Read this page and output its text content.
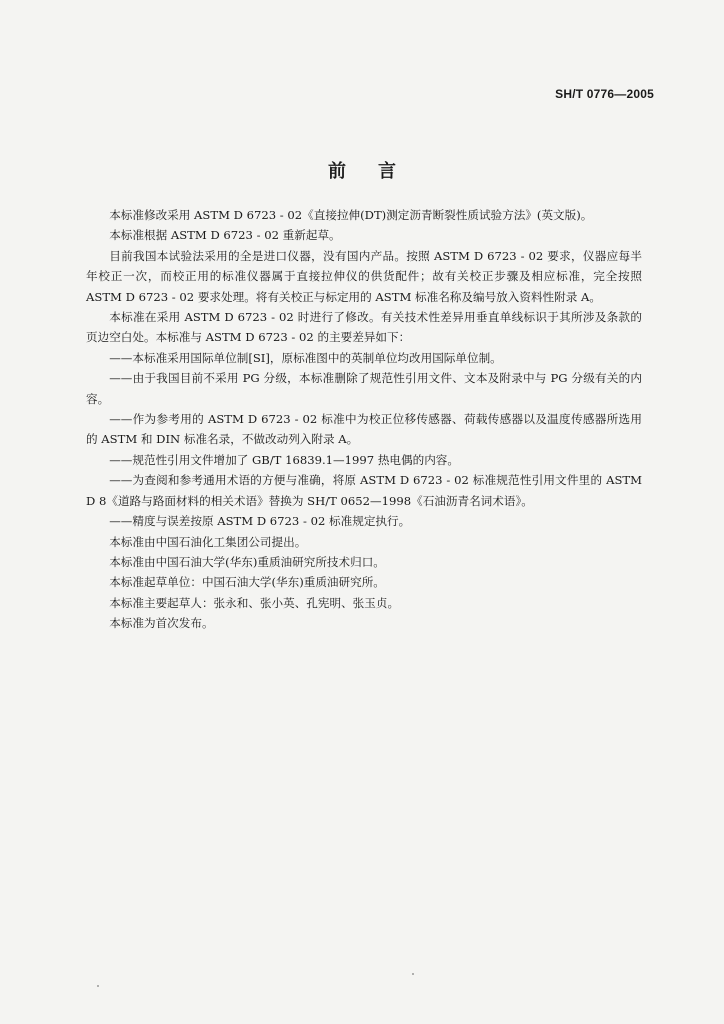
SH/T 0776—2005
前言

本标准修改采用 ASTM D 6723 - 02《直接拉伸(DT)测定沥青断裂性质试验方法》(英文版)。

本标准根据 ASTM D 6723 - 02 重新起草。

目前我国本试验法采用的全是进口仪器，没有国内产品。按照 ASTM D 6723 - 02 要求，仪器应每半年校正一次，而校正用的标准仪器属于直接拉伸仪的供货配件；故有关校正步骤及相应标准，完全按照 ASTM D 6723 - 02 要求处理。将有关校正与标定用的 ASTM 标准名称及编号放入资料性附录 A。

本标准在采用 ASTM D 6723 - 02 时进行了修改。有关技术性差异用垂直单线标识于其所涉及条款的页边空白处。本标准与 ASTM D 6723 - 02 的主要差异如下：

——本标准采用国际单位制[SI]，原标准图中的英制单位均改用国际单位制。

——由于我国目前不采用 PG 分级，本标准删除了规范性引用文件、文本及附录中与 PG 分级有关的内容。

——作为参考用的 ASTM D 6723 - 02 标准中为校正位移传感器、荷载传感器以及温度传感器所选用的 ASTM 和 DIN 标准名录，不做改动列入附录 A。

——规范性引用文件增加了 GB/T 16839.1—1997 热电偶的内容。

——为查阅和参考通用术语的方便与准确，将原 ASTM D 6723 - 02 标准规范性引用文件里的 ASTM D 8《道路与路面材料的相关术语》替换为 SH/T 0652—1998《石油沥青名词术语》。

——精度与误差按原 ASTM D 6723 - 02 标准规定执行。

本标准由中国石油化工集团公司提出。

本标准由中国石油大学(华东)重质油研究所技术归口。

本标准起草单位：中国石油大学(华东)重质油研究所。

本标准主要起草人：张永和、张小英、孔宪明、张玉贞。

本标准为首次发布。
